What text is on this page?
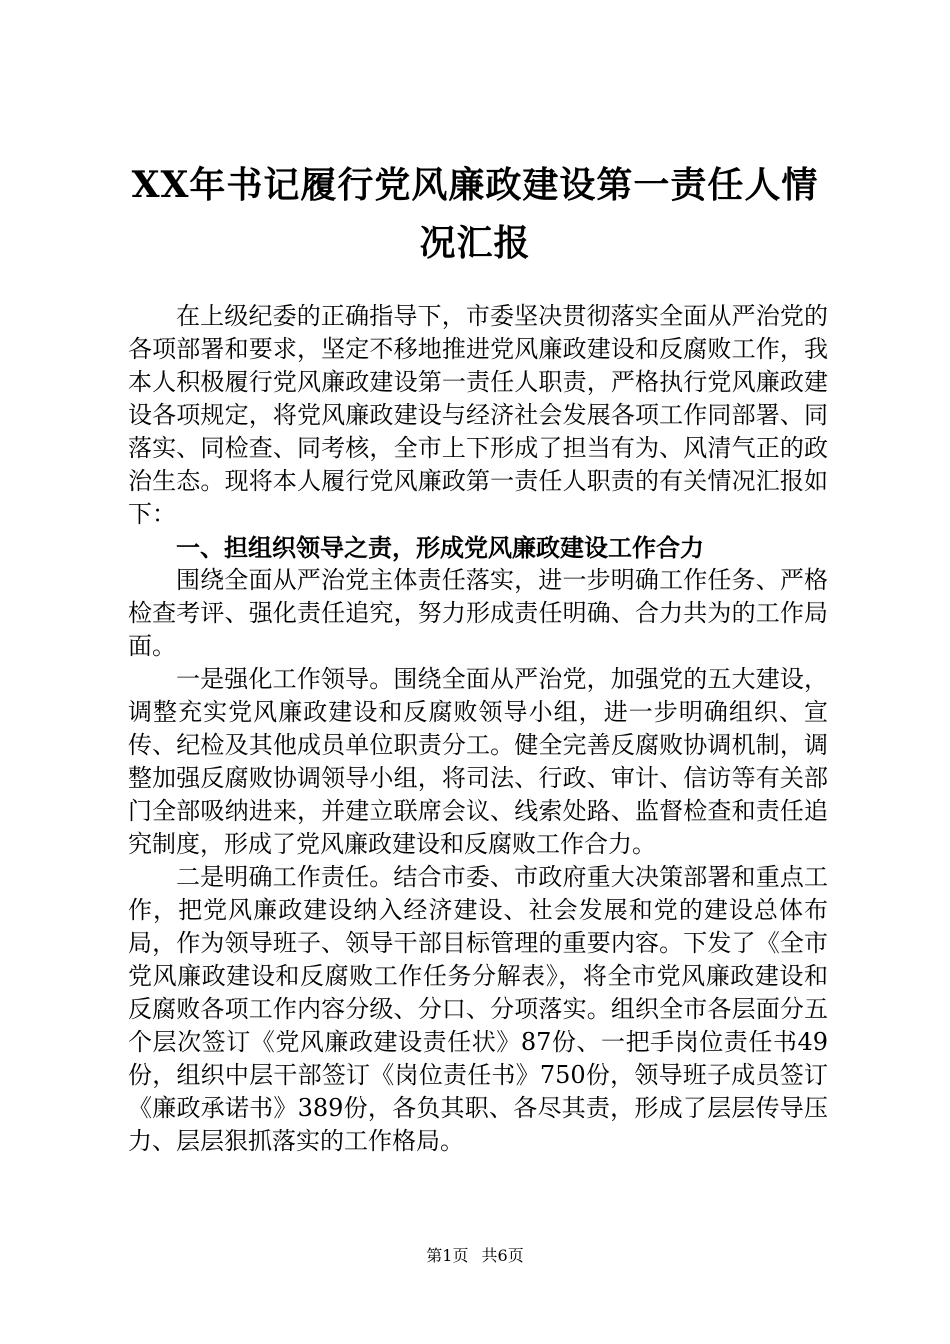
XX年书记履行党风廉政建设第一责任人情况汇报

在上级纪委的正确指导下，市委坚决贯彻落实全面从严治党的各项部署和要求，坚定不移地推进党风廉政建设和反腐败工作，我本人积极履行党风廉政建设第一责任人职责，严格执行党风廉政建设各项规定，将党风廉政建设与经济社会发展各项工作同部署、同落实、同检查、同考核，全市上下形成了担当有为、风清气正的政治生态。现将本人履行党风廉政第一责任人职责的有关情况汇报如下：

一、担组织领导之责，形成党风廉政建设工作合力

围绕全面从严治党主体责任落实，进一步明确工作任务、严格检查考评、强化责任追究，努力形成责任明确、合力共为的工作局面。

一是强化工作领导。围绕全面从严治党，加强党的五大建设，调整充实党风廉政建设和反腐败领导小组，进一步明确组织、宣传、纪检及其他成员单位职责分工。健全完善反腐败协调机制，调整加强反腐败协调领导小组，将司法、行政、审计、信访等有关部门全部吸纳进来，并建立联席会议、线索处路、监督检查和责任追究制度，形成了党风廉政建设和反腐败工作合力。

二是明确工作责任。结合市委、市政府重大决策部署和重点工作，把党风廉政建设纳入经济建设、社会发展和党的建设总体布局，作为领导班子、领导干部目标管理的重要内容。下发了《全市党风廉政建设和反腐败工作任务分解表》，将全市党风廉政建设和反腐败各项工作内容分级、分口、分项落实。组织全市各层面分五个层次签订《党风廉政建设责任状》87份、一把手岗位责任书49份，组织中层干部签订《岗位责任书》750份，领导班子成员签订《廉政承诺书》389份，各负其职、各尽其责，形成了层层传导压力、层层狠抓落实的工作格局。

第1页 共6页
